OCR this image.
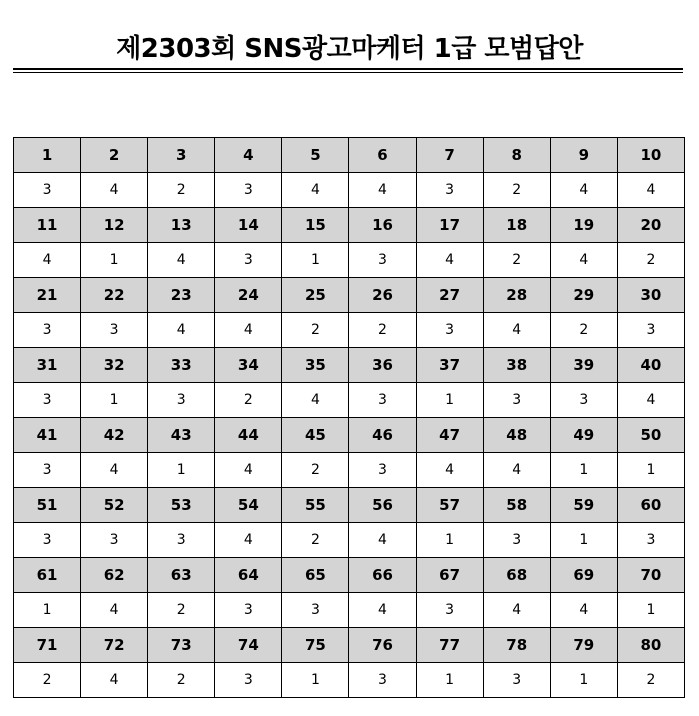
제2303회 SNS광고마케터 1급 모범답안
1	2	3	4	5	6	7	8	9	10
3	4	2	3	4	4	3	2	4	4
11	12	13	14	15	16	17	18	19	20
4	1	4	3	1	3	4	2	4	2
21	22	23	24	25	26	27	28	29	30
3	3	4	4	2	2	3	4	2	3
31	32	33	34	35	36	37	38	39	40
3	1	3	2	4	3	1	3	3	4
41	42	43	44	45	46	47	48	49	50
3	4	1	4	2	3	4	4	1	1
51	52	53	54	55	56	57	58	59	60
3	3	3	4	2	4	1	3	1	3
61	62	63	64	65	66	67	68	69	70
1	4	2	3	3	4	3	4	4	1
71	72	73	74	75	76	77	78	79	80
2	4	2	3	1	3	1	3	1	2
